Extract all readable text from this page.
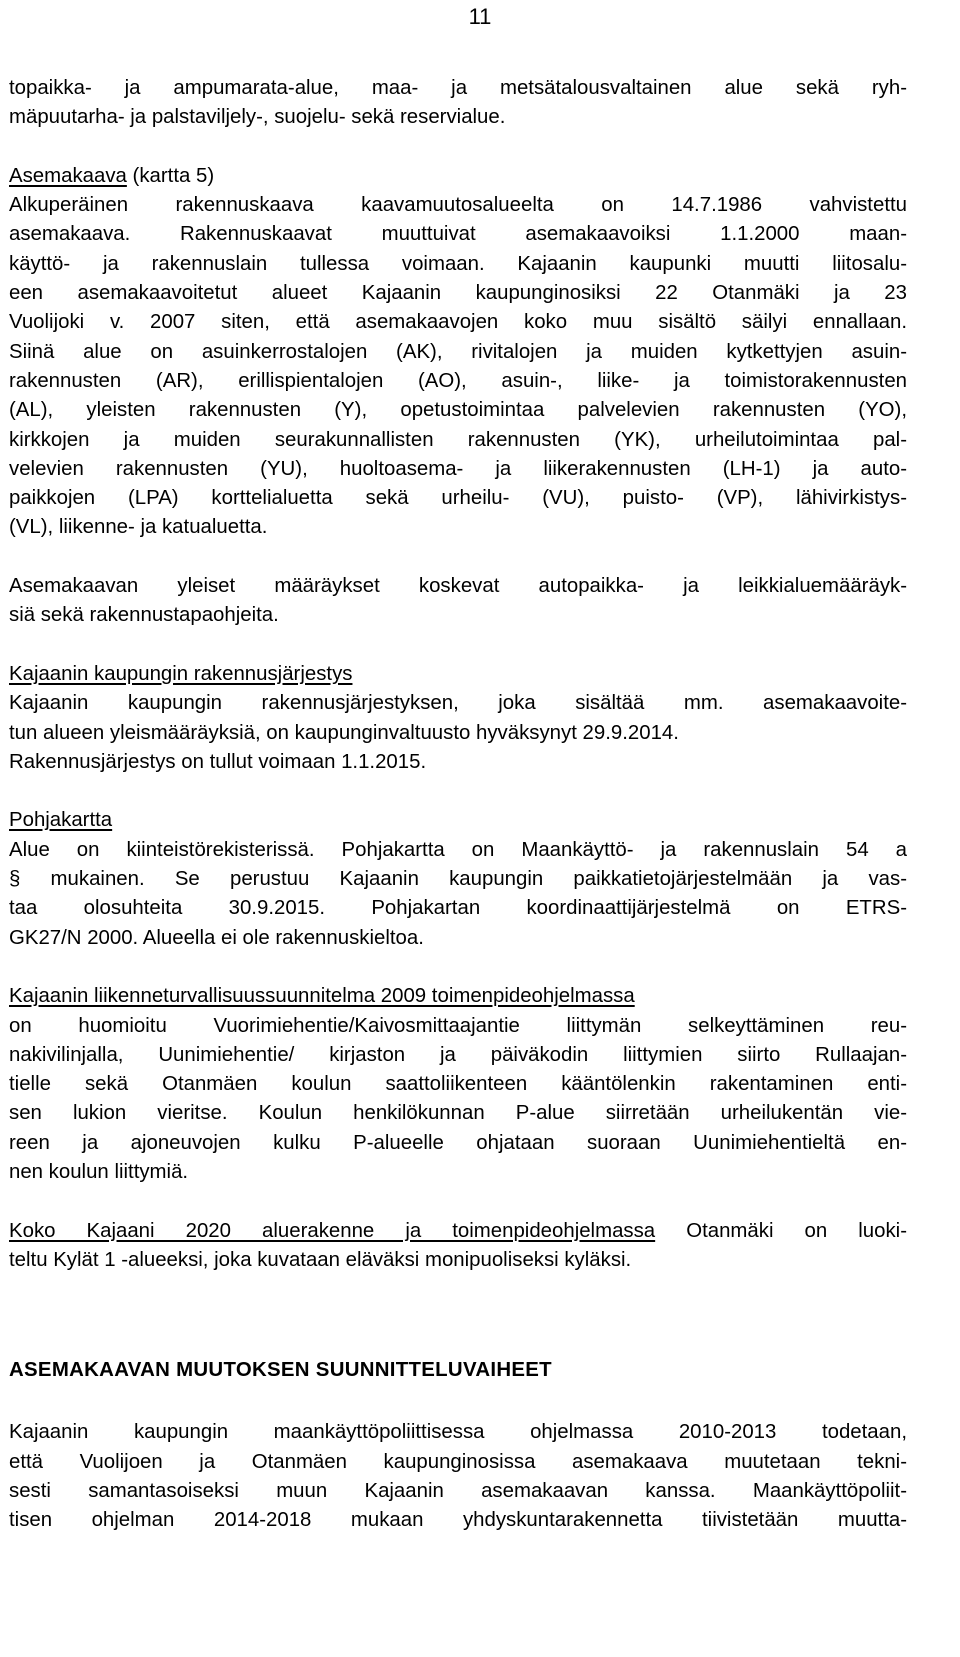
11
topaikka- ja ampumarata-alue, maa- ja metsätalousvaltainen alue sekä ryh-
mäpuutarha- ja palstaviljely-, suojelu- sekä reservialue.
Asemakaava (kartta 5)
Alkuperäinen rakennuskaava kaavamuutosalueelta on 14.7.1986 vahvistettu
asemakaava. Rakennuskaavat muuttuivat asemakaavoiksi 1.1.2000 maan-
käyttö- ja rakennuslain tullessa voimaan. Kajaanin kaupunki muutti liitosalu-
een asemakaavoitetut alueet Kajaanin kaupunginosiksi 22 Otanmäki ja 23
Vuolijoki v. 2007 siten, että asemakaavojen koko muu sisältö säilyi ennallaan.
Siinä alue on asuinkerrostalojen (AK), rivitalojen ja muiden kytkettyjen asuin-
rakennusten (AR), erillispientalojen (AO), asuin-, liike- ja toimistorakennusten
(AL), yleisten rakennusten (Y), opetustoimintaa palvelevien rakennusten (YO),
kirkkojen ja muiden seurakunnallisten rakennusten (YK), urheilutoimintaa pal-
velevien rakennusten (YU), huoltoasema- ja liikerakennusten (LH-1) ja auto-
paikkojen (LPA) korttelialuetta sekä urheilu- (VU), puisto- (VP), lähivirkistys-
(VL), liikenne- ja katualuetta.
Asemakaavan yleiset määräykset koskevat autopaikka- ja leikkialuemääräyk-
siä sekä rakennustapaohjeita.
Kajaanin kaupungin rakennusjärjestys
Kajaanin kaupungin rakennusjärjestyksen, joka sisältää mm. asemakaavoite-
tun alueen yleismääräyksiä, on kaupunginvaltuusto hyväksynyt 29.9.2014.
Rakennusjärjestys on tullut voimaan 1.1.2015.
Pohjakartta
Alue on kiinteistörekisterissä. Pohjakartta on Maankäyttö- ja rakennuslain 54 a
§ mukainen. Se perustuu Kajaanin kaupungin paikkatietojärjestelmään ja vas-
taa olosuhteita 30.9.2015. Pohjakartan koordinaattijärjestelmä on ETRS-
GK27/N 2000. Alueella ei ole rakennuskieltoa.
Kajaanin liikenneturvallisuussuunnitelma 2009 toimenpideohjelmassa
on huomioitu Vuorimiehentie/Kaivosmittaajantie liittymän selkeyttäminen reu-
nakivilinjalla, Uunimiehentie/ kirjaston ja päiväkodin liittymien siirto Rullaajan-
tielle sekä Otanmäen koulun saattoliikenteen kääntölenkin rakentaminen enti-
sen lukion vieritse. Koulun henkilökunnan P-alue siirretään urheilukentän vie-
reen ja ajoneuvojen kulku P-alueelle ohjataan suoraan Uunimiehentieltä en-
nen koulun liittymiä.
Koko Kajaani 2020 aluerakenne ja toimenpideohjelmassa Otanmäki on luoki-
teltu Kylät 1 -alueeksi, joka kuvataan eläväksi monipuoliseksi kyläksi.
ASEMAKAAVAN MUUTOKSEN SUUNNITTELUVAIHEET
Kajaanin kaupungin maankäyttöpoliittisessa ohjelmassa 2010-2013 todetaan,
että Vuolijoen ja Otanmäen kaupunginosissa asemakaava muutetaan tekni-
sesti samantasoiseksi muun Kajaanin asemakaavan kanssa. Maankäyttöpoliit-
tisen ohjelman 2014-2018 mukaan yhdyskuntarakennetta tiivistetään muutta-
